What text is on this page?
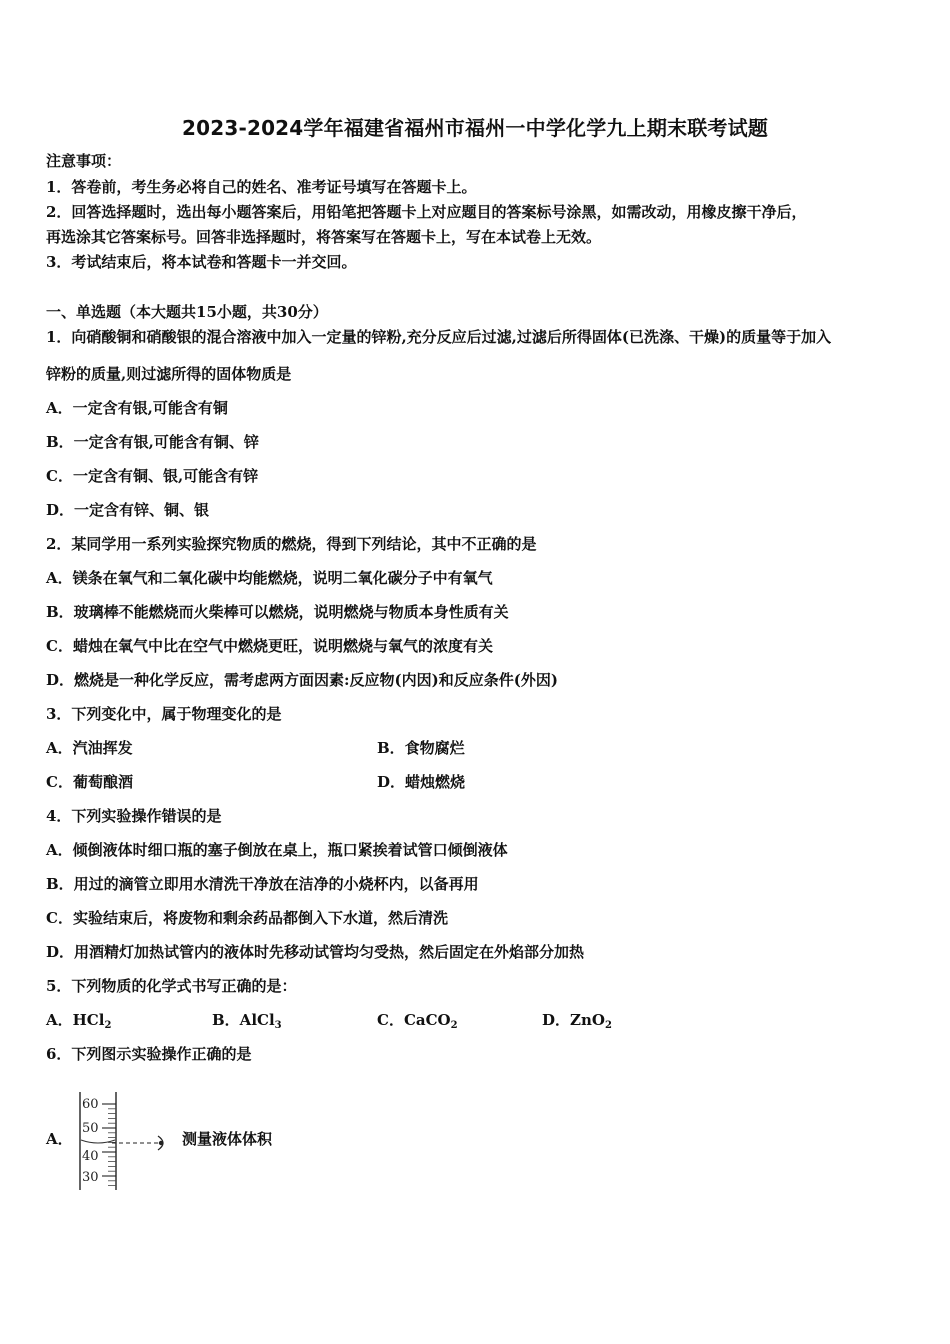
2023-2024学年福建省福州市福州一中学化学九上期末联考试题
注意事项：
1．答卷前，考生务必将自己的姓名、准考证号填写在答题卡上。
2．回答选择题时，选出每小题答案后，用铅笔把答题卡上对应题目的答案标号涂黑，如需改动，用橡皮擦干净后，
再选涂其它答案标号。回答非选择题时，将答案写在答题卡上，写在本试卷上无效。
3．考试结束后，将本试卷和答题卡一并交回。
一、单选题（本大题共15小题，共30分）
1．向硝酸铜和硝酸银的混合溶液中加入一定量的锌粉,充分反应后过滤,过滤后所得固体(已洗涤、干燥)的质量等于加入
锌粉的质量,则过滤所得的固体物质是
A．一定含有银,可能含有铜
B．一定含有银,可能含有铜、锌
C．一定含有铜、银,可能含有锌
D．一定含有锌、铜、银
2．某同学用一系列实验探究物质的燃烧，得到下列结论，其中不正确的是
A．镁条在氧气和二氧化碳中均能燃烧，说明二氧化碳分子中有氧气
B．玻璃棒不能燃烧而火柴棒可以燃烧，说明燃烧与物质本身性质有关
C．蜡烛在氧气中比在空气中燃烧更旺，说明燃烧与氧气的浓度有关
D．燃烧是一种化学反应，需考虑两方面因素:反应物(内因)和反应条件(外因)
3．下列变化中，属于物理变化的是
A．汽油挥发	B．食物腐烂
C．葡萄酿酒	D．蜡烛燃烧
4．下列实验操作错误的是
A．倾倒液体时细口瓶的塞子倒放在桌上，瓶口紧挨着试管口倾倒液体
B．用过的滴管立即用水清洗干净放在洁净的小烧杯内，以备再用
C．实验结束后，将废物和剩余药品都倒入下水道，然后清洗
D．用酒精灯加热试管内的液体时先移动试管均匀受热，然后固定在外焰部分加热
5．下列物质的化学式书写正确的是：
A．HCl$_2$	B．AlCl$_3$	C．CaCO$_2$	D．ZnO$_2$
6．下列图示实验操作正确的是
A．
60
50
40
30
测量液体体积
